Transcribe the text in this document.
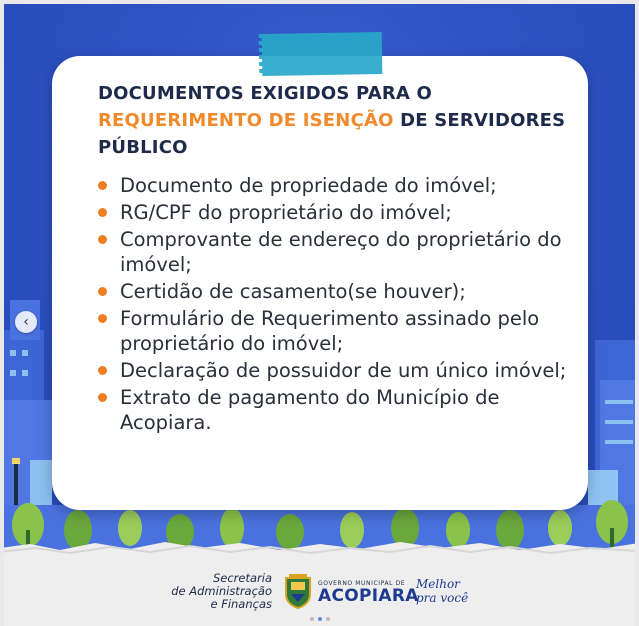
DOCUMENTOS EXIGIDOS PARA O
REQUERIMENTO DE ISENÇÃO DE SERVIDORES PÚBLICO
Documento de propriedade do imóvel;
RG/CPF do proprietário do imóvel;
Comprovante de endereço do proprietário do imóvel;
Certidão de casamento(se houver);
Formulário de Requerimento assinado pelo proprietário do imóvel;
Declaração de possuidor de um único imóvel;
Extrato de pagamento do Município de Acopiara.
Secretaria
de Administração
e Finanças
GOVERNO MUNICIPAL DE
ACOPIARA
Melhor
pra você
‹
